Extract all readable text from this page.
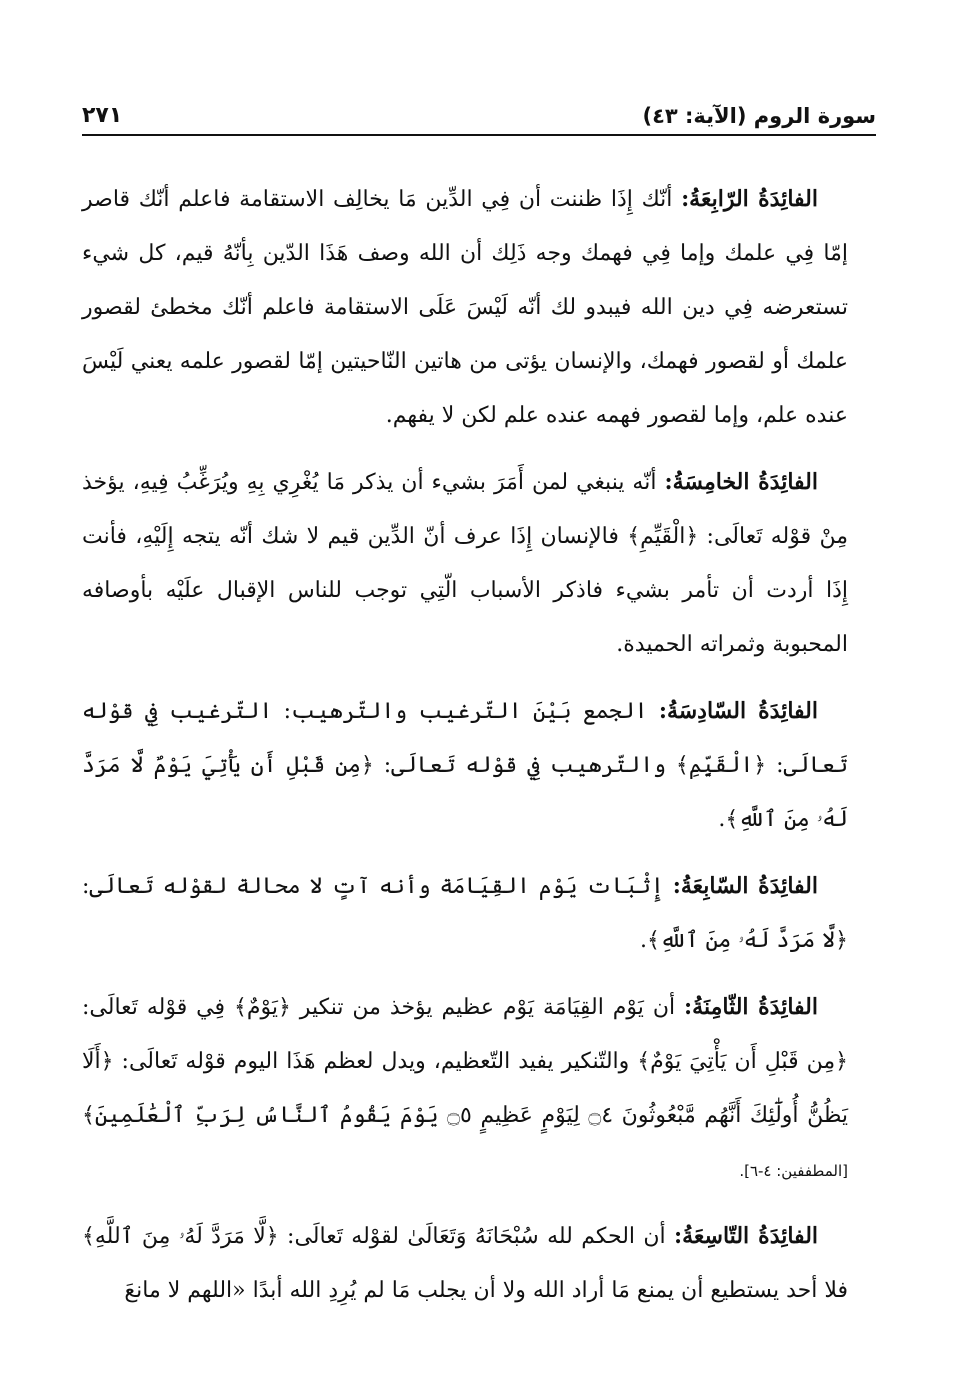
سورة الروم (الآية: ٤٣)
٢٧١

الفائِدَةُ الرّابِعَةُ: أنّك إِذَا ظننت أن فِي الدِّين مَا يخالِف الاستقامة فاعلم أنّك قاصر إمّا فِي علمك وإما فِي فهمك وجه ذَلِك أن الله وصف هَذَا الدّين بِأنّهُ قيم، كل شيء تستعرضه فِي دين الله فيبدو لك أنّه لَيْسَ عَلَى الاستقامة فاعلم أنّك مخطئ لقصور علمك أو لقصور فهمك، والإنسان يؤتى من هاتين النّاحيتين إمّا لقصور علمه يعني لَيْسَ عنده علم، وإما لقصور فهمه عنده علم لكن لا يفهم.

الفائِدَةُ الخامِسَةُ: أنّه ينبغي لمن أَمَرَ بشيء أن يذكر مَا يُغْرِي بِهِ ويُرَغِّبُ فِيهِ، يؤخذ مِنْ قوْله تَعالَى: ﴿الْقَيِّمِ﴾ فالإنسان إِذَا عرف أنّ الدِّين قيم لا شك أنّه يتجه إِلَيْهِ، فأنت إِذَا أردت أن تأمر بشيء فاذكر الأسباب الّتِي توجب للناس الإقبال علَيْه بأوصافه المحبوبة وثمراته الحميدة.

الفائِدَةُ السّادِسَةُ: الجمع بَيْنَ التّرغيب والتّرهيب: التّرغيب فِي قوْله تَعالَى: ﴿الْقَيِّمِ﴾ والتّرهيب فِي قوْله تَعالَى: ﴿مِن قَبْلِ أَن يَأْتِيَ يَوْمٌ لَّا مَرَدَّ لَهُۥ مِنَ ٱللَّهِ﴾.

الفائِدَةُ السّابِعَةُ: إِثْبَات يَوْم القِيَامَة وأنه آتٍ لا محالة لقوْله تَعالَى: ﴿لَّا مَرَدَّ لَهُۥ مِنَ ٱللَّهِ﴾.

الفائِدَةُ الثّامِنَةُ: أن يَوْم القِيَامَة يَوْم عظيم يؤخذ من تنكير ﴿يَوْمٌ﴾ فِي قوْله تَعالَى: ﴿مِن قَبْلِ أَن يَأْتِيَ يَوْمٌ﴾ والتّنكير يفيد التّعظيم، ويدل لعظم هَذَا اليوم قوْله تَعالَى: ﴿أَلَا يَظُنُّ أُولَٰٓئِكَ أَنَّهُم مَّبْعُوثُونَ ۝٤ لِيَوْمٍ عَظِيمٍ ۝٥ يَوْمَ يَقُومُ ٱلنَّاسُ لِرَبِّ ٱلْعَٰلَمِينَ﴾ [المطففين: ٤-٦].

الفائِدَةُ التّاسِعَةُ: أن الحكم لله سُبْحَانَهُ وَتَعَالَىٰ لقوْله تَعالَى: ﴿لَّا مَرَدَّ لَهُۥ مِنَ ٱللَّهِ﴾ فلا أحد يستطيع أن يمنع مَا أراد الله ولا أن يجلب مَا لم يُرِدِ الله أبدًا «اللهم لا مانعَ
